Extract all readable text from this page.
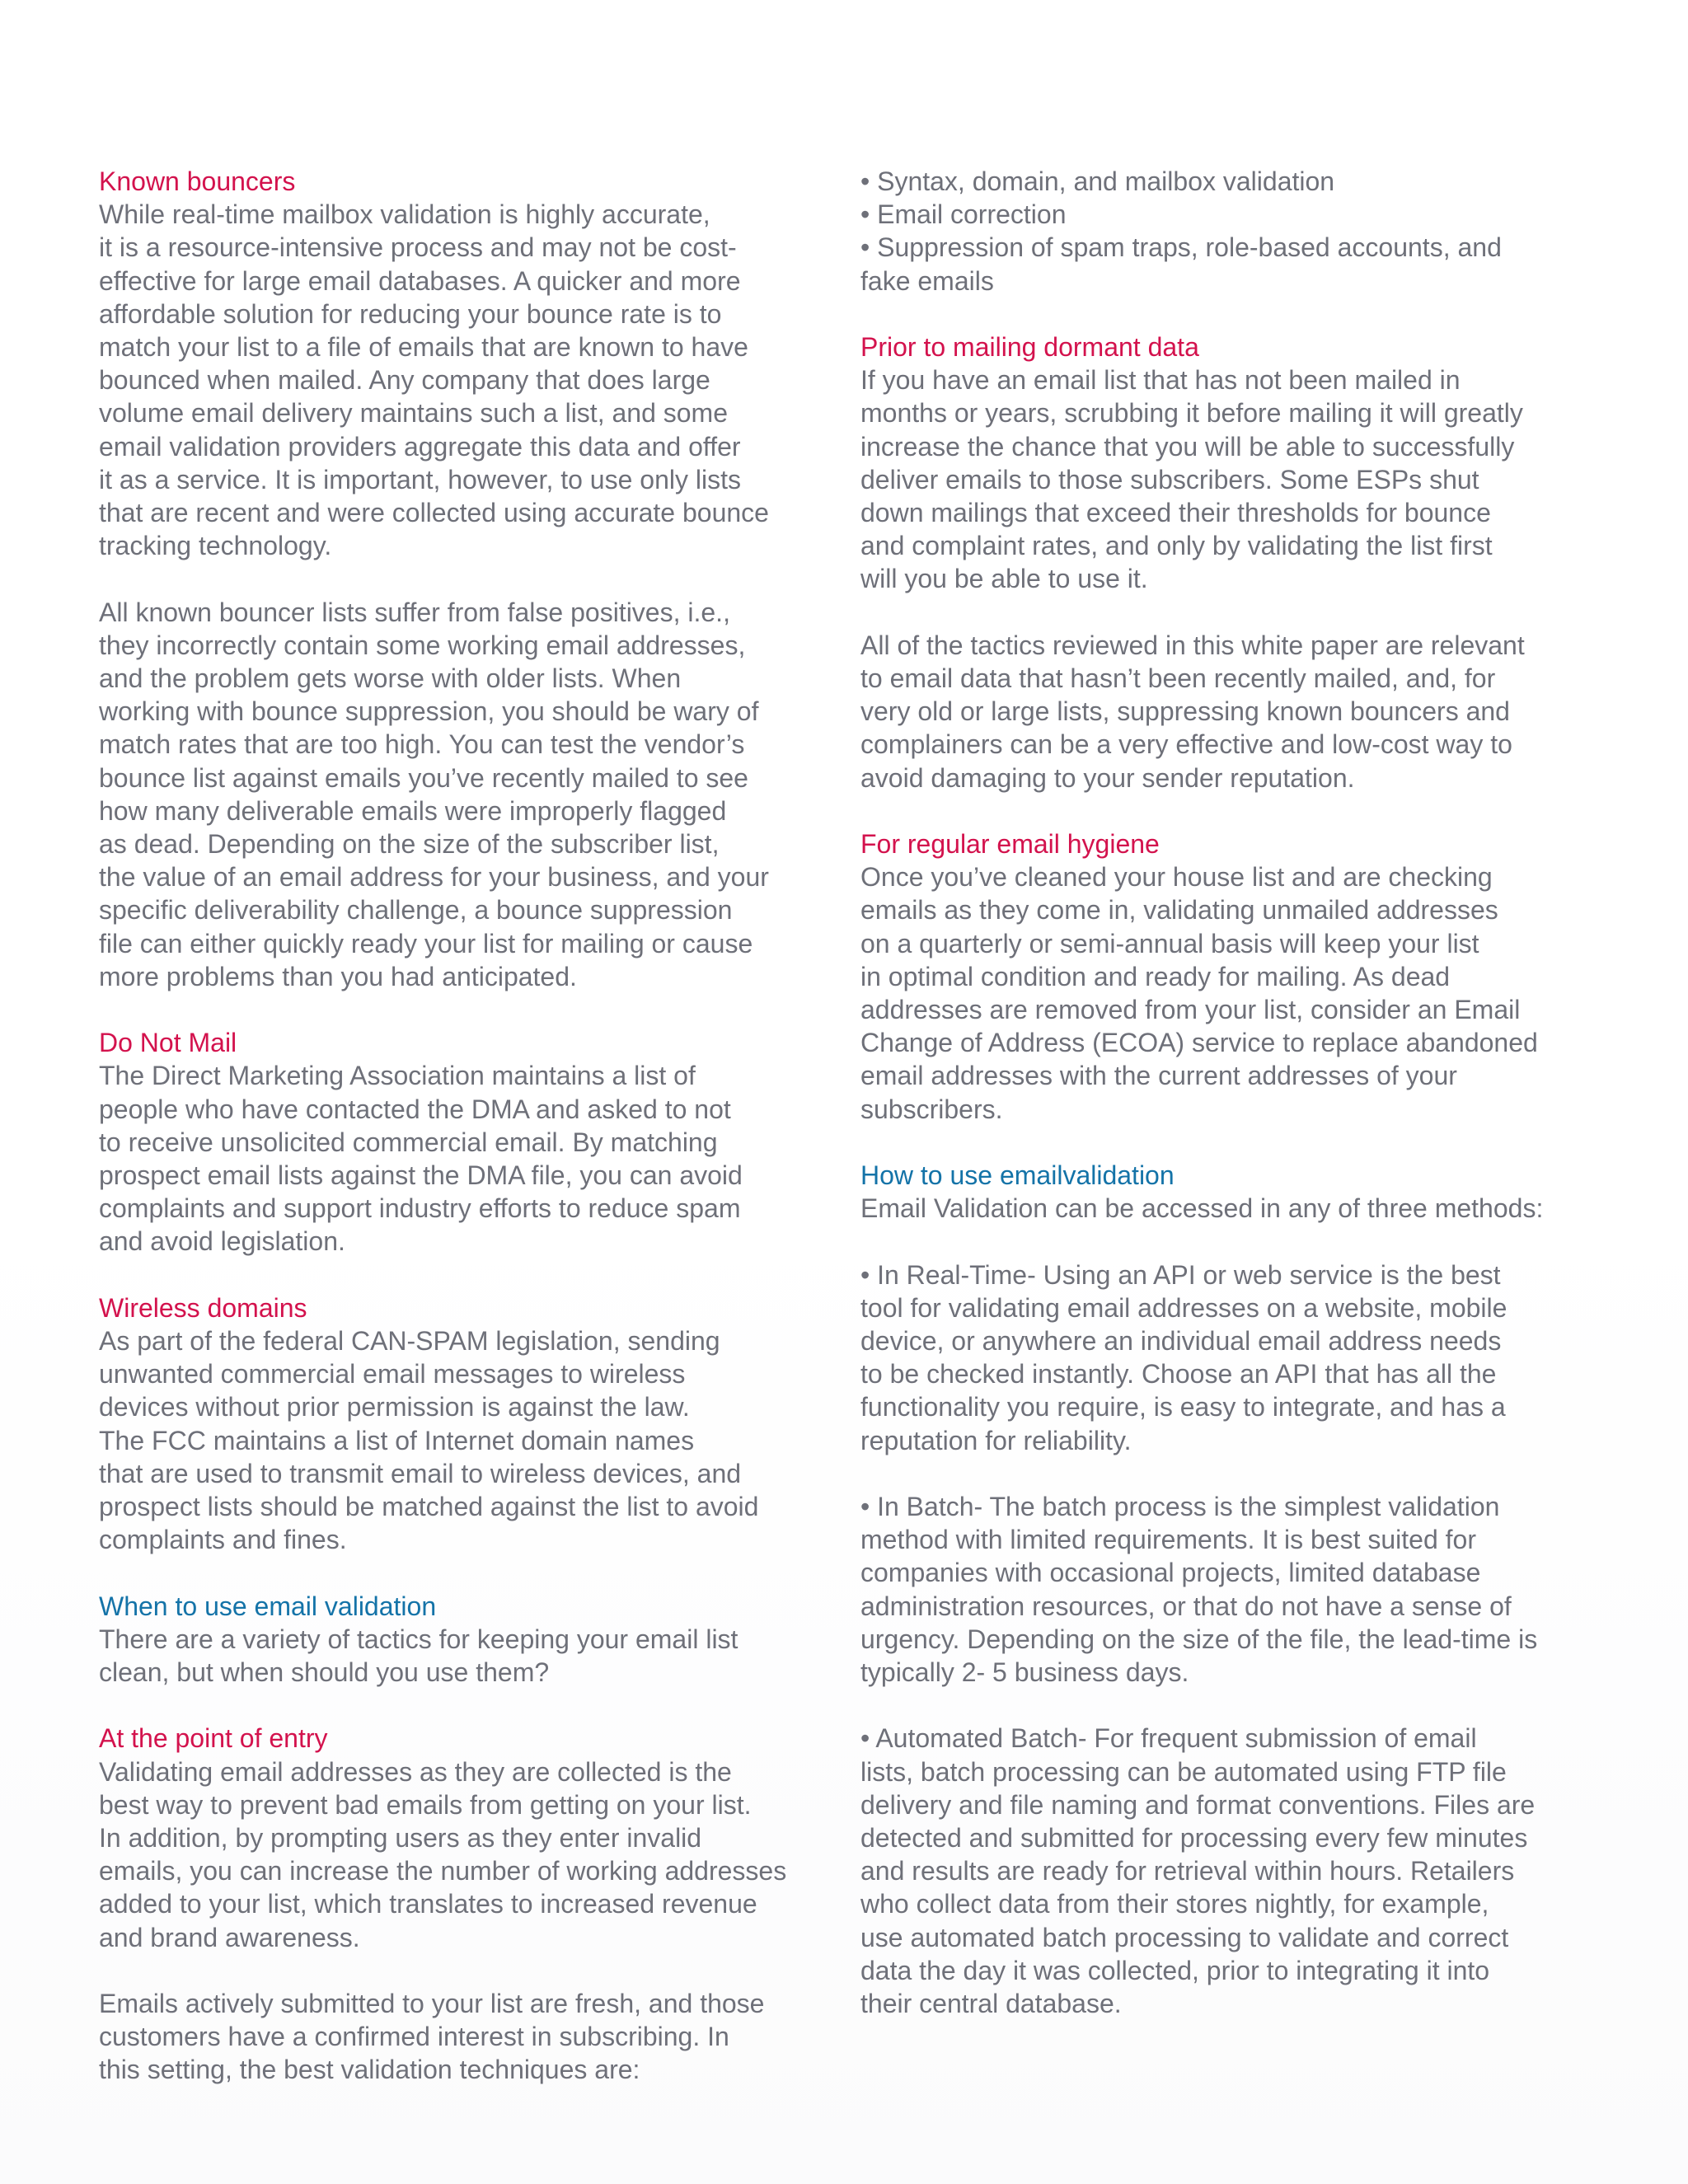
Known bouncers

While real-time mailbox validation is highly accurate,
it is a resource-intensive process and may not be cost-
effective for large email databases. A quicker and more
affordable solution for reducing your bounce rate is to
match your list to a file of emails that are known to have
bounced when mailed. Any company that does large
volume email delivery maintains such a list, and some
email validation providers aggregate this data and offer
it as a service. It is important, however, to use only lists
that are recent and were collected using accurate bounce
tracking technology.

All known bouncer lists suffer from false positives, i.e.,
they incorrectly contain some working email addresses,
and the problem gets worse with older lists. When
working with bounce suppression, you should be wary of
match rates that are too high. You can test the vendor’s
bounce list against emails you’ve recently mailed to see
how many deliverable emails were improperly flagged
as dead. Depending on the size of the subscriber list,
the value of an email address for your business, and your
specific deliverability challenge, a bounce suppression
file can either quickly ready your list for mailing or cause
more problems than you had anticipated.

Do Not Mail

The Direct Marketing Association maintains a list of
people who have contacted the DMA and asked to not
to receive unsolicited commercial email. By matching
prospect email lists against the DMA file, you can avoid
complaints and support industry efforts to reduce spam
and avoid legislation.

Wireless domains

As part of the federal CAN-SPAM legislation, sending
unwanted commercial email messages to wireless
devices without prior permission is against the law.
The FCC maintains a list of Internet domain names
that are used to transmit email to wireless devices, and
prospect lists should be matched against the list to avoid
complaints and fines.

When to use email validation

There are a variety of tactics for keeping your email list
clean, but when should you use them?

At the point of entry

Validating email addresses as they are collected is the
best way to prevent bad emails from getting on your list.
In addition, by prompting users as they enter invalid
emails, you can increase the number of working addresses
added to your list, which translates to increased revenue
and brand awareness.

Emails actively submitted to your list are fresh, and those
customers have a confirmed interest in subscribing. In
this setting, the best validation techniques are:

• Syntax, domain, and mailbox validation
• Email correction
• Suppression of spam traps, role-based accounts, and
fake emails
Prior to mailing dormant data

If you have an email list that has not been mailed in
months or years, scrubbing it before mailing it will greatly
increase the chance that you will be able to successfully
deliver emails to those subscribers. Some ESPs shut
down mailings that exceed their thresholds for bounce
and complaint rates, and only by validating the list first
will you be able to use it.

All of the tactics reviewed in this white paper are relevant
to email data that hasn’t been recently mailed, and, for
very old or large lists, suppressing known bouncers and
complainers can be a very effective and low-cost way to
avoid damaging to your sender reputation.

For regular email hygiene

Once you’ve cleaned your house list and are checking
emails as they come in, validating unmailed addresses
on a quarterly or semi-annual basis will keep your list
in optimal condition and ready for mailing. As dead
addresses are removed from your list, consider an Email
Change of Address (ECOA) service to replace abandoned
email addresses with the current addresses of your
subscribers.

How to use emailvalidation

Email Validation can be accessed in any of three methods:

• In Real-Time- Using an API or web service is the best
tool for validating email addresses on a website, mobile
device, or anywhere an individual email address needs
to be checked instantly. Choose an API that has all the
functionality you require, is easy to integrate, and has a
reputation for reliability.

• In Batch- The batch process is the simplest validation
method with limited requirements. It is best suited for
companies with occasional projects, limited database
administration resources, or that do not have a sense of
urgency. Depending on the size of the file, the lead-time is
typically 2- 5 business days.

• Automated Batch- For frequent submission of email
lists, batch processing can be automated using FTP file
delivery and file naming and format conventions. Files are
detected and submitted for processing every few minutes
and results are ready for retrieval within hours. Retailers
who collect data from their stores nightly, for example,
use automated batch processing to validate and correct
data the day it was collected, prior to integrating it into
their central database.
